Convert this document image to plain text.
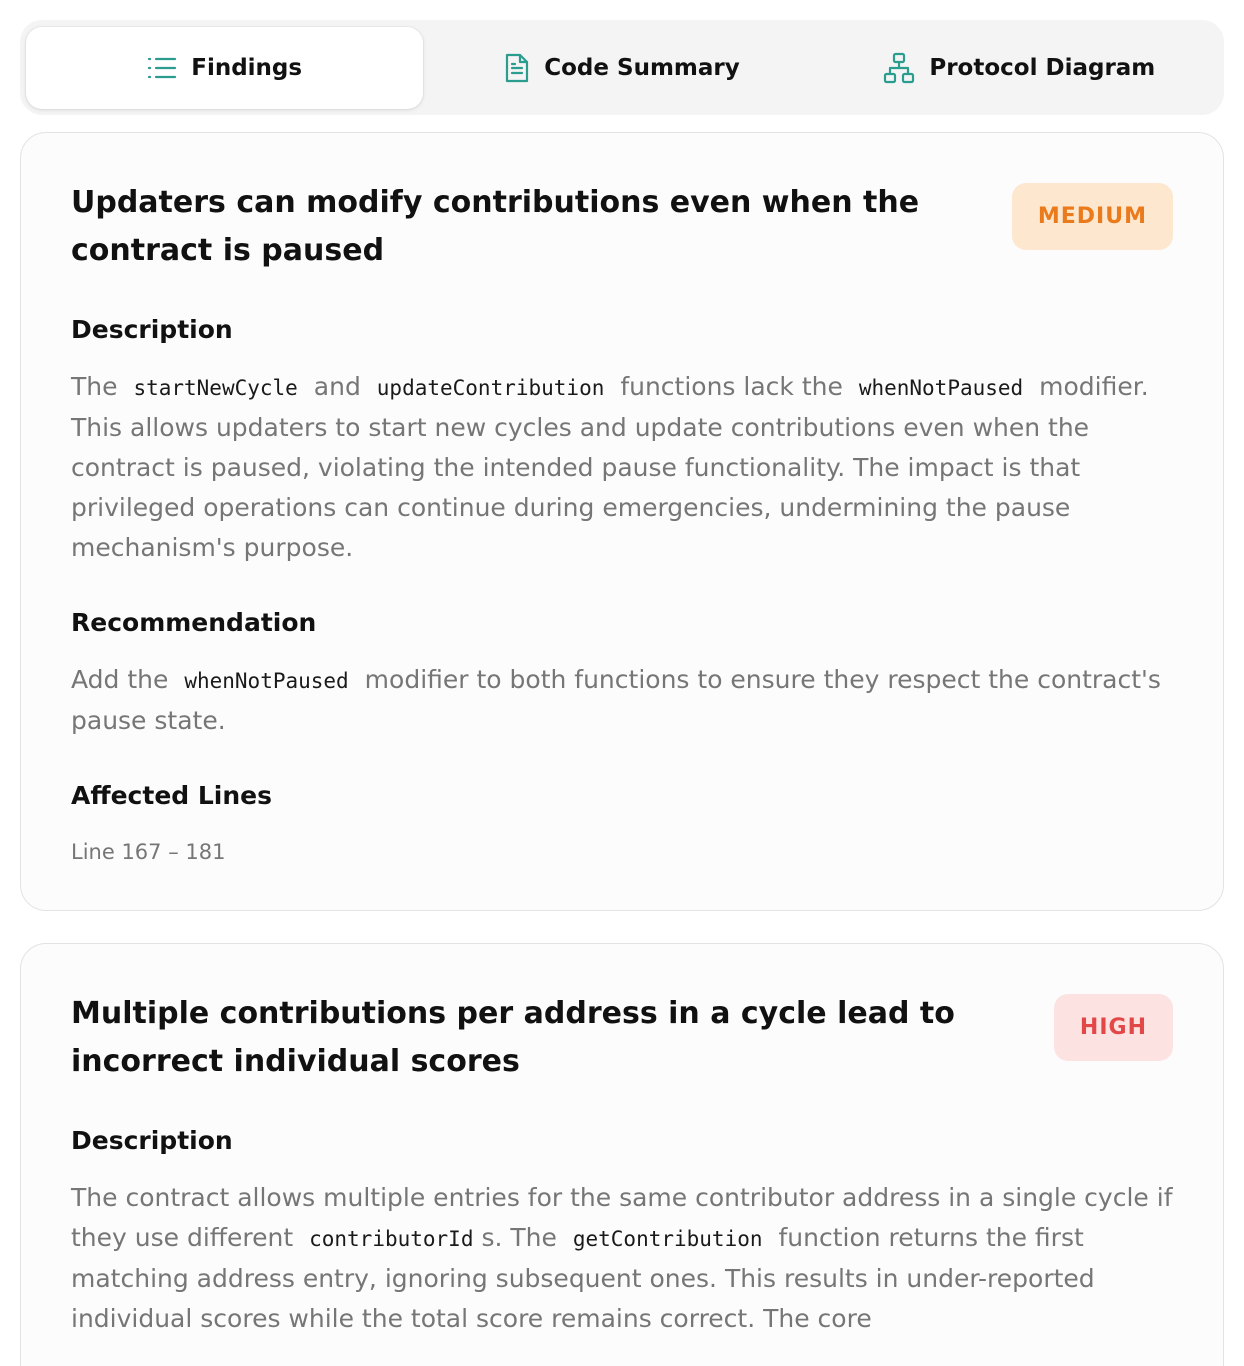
Findings	Code Summary	Protocol Diagram
Updaters can modify contributions even when the contract is paused
MEDIUM
Description

The startNewCycle and updateContribution functions lack the whenNotPaused modifier. This allows updaters to start new cycles and update contributions even when the contract is paused, violating the intended pause functionality. The impact is that privileged operations can continue during emergencies, undermining the pause mechanism's purpose.

Recommendation

Add the whenNotPaused modifier to both functions to ensure they respect the contract's pause state.

Affected Lines

Line 167 – 181

Multiple contributions per address in a cycle lead to incorrect individual scores
HIGH
Description

The contract allows multiple entries for the same contributor address in a single cycle if they use different contributorId s. The getContribution function returns the first matching address entry, ignoring subsequent ones. This results in under-reported individual scores while the total score remains correct. The core
